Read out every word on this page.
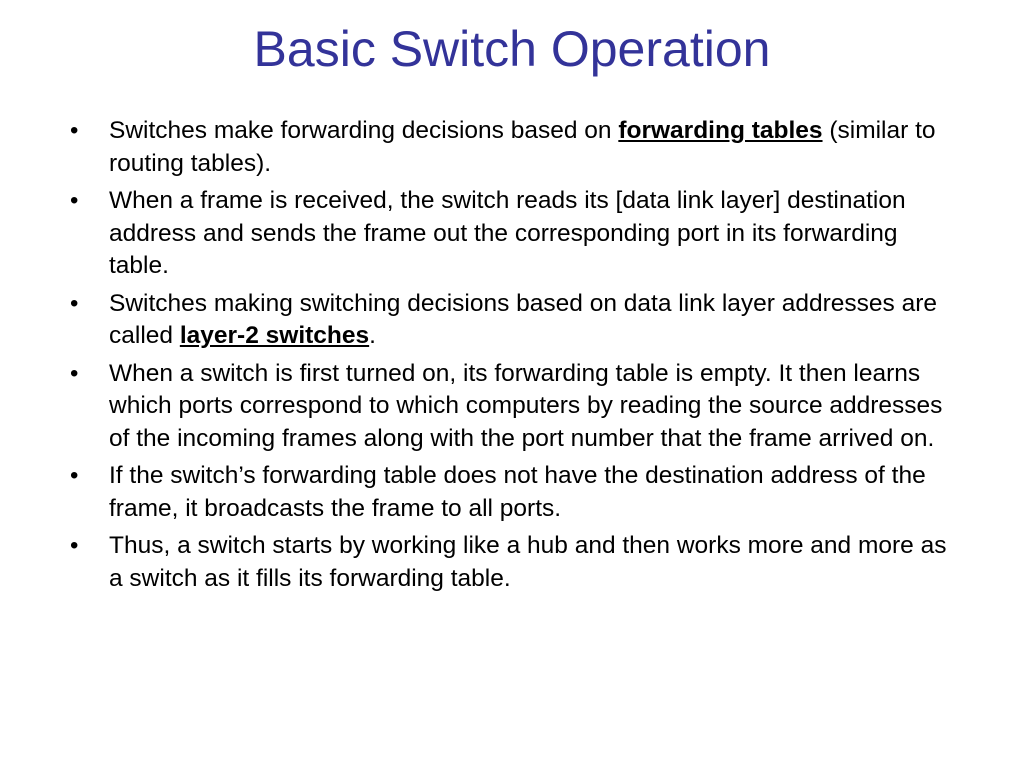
Basic Switch Operation
•	Switches make forwarding decisions based on forwarding tables (similar to routing tables).
•	When a frame is received, the switch reads its [data link layer] destination address and sends the frame out the corresponding port in its forwarding table.
•	Switches making switching decisions based on data link layer addresses are called layer-2 switches.
•	When a switch is first turned on, its forwarding table is empty. It then learns which ports correspond to which computers by reading the source addresses of the incoming frames along with the port number that the frame arrived on.
•	If the switch’s forwarding table does not have the destination address of the frame, it broadcasts the frame to all ports.
•	Thus, a switch starts by working like a hub and then works more and more as a switch as it fills its forwarding table.
